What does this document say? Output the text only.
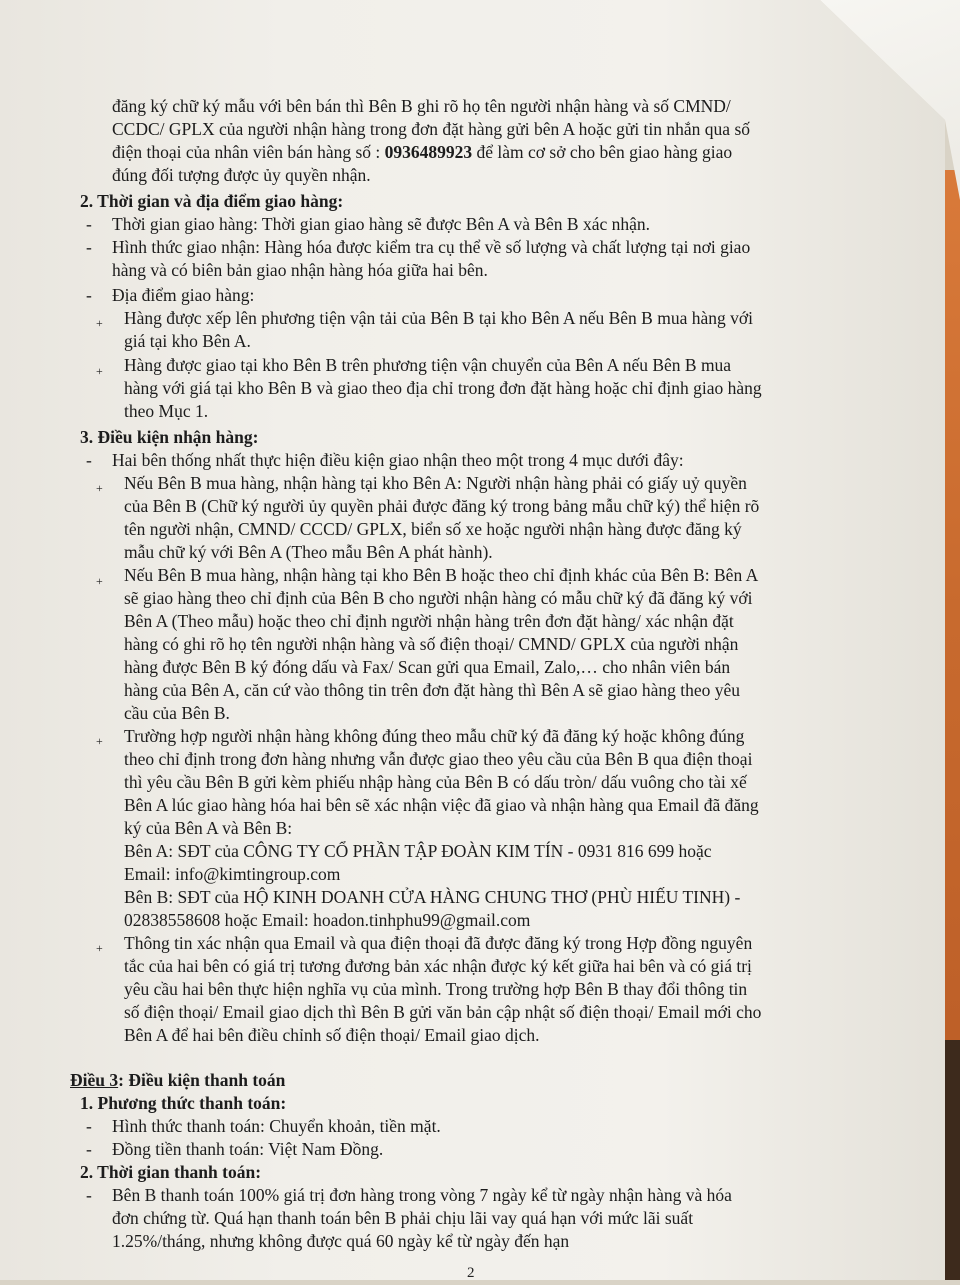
đăng ký chữ ký mẫu với bên bán thì Bên B ghi rõ họ tên người nhận hàng và số CMND/
CCDC/ GPLX của người nhận hàng trong đơn đặt hàng gửi bên A hoặc gửi tin nhắn qua số
điện thoại của nhân viên bán hàng số : 0936489923 để làm cơ sở cho bên giao hàng giao
đúng đối tượng được ủy quyền nhận.
2. Thời gian và địa điểm giao hàng:
- Thời gian giao hàng: Thời gian giao hàng sẽ được Bên A và Bên B xác nhận.
- Hình thức giao nhận: Hàng hóa được kiểm tra cụ thể về số lượng và chất lượng tại nơi giao
hàng và có biên bản giao nhận hàng hóa giữa hai bên.
- Địa điểm giao hàng:
+ Hàng được xếp lên phương tiện vận tải của Bên B tại kho Bên A nếu Bên B mua hàng với
giá tại kho Bên A.
+ Hàng được giao tại kho Bên B trên phương tiện vận chuyển của Bên A nếu Bên B mua
hàng với giá tại kho Bên B và giao theo địa chỉ trong đơn đặt hàng hoặc chỉ định giao hàng
theo Mục 1.
3. Điều kiện nhận hàng:
- Hai bên thống nhất thực hiện điều kiện giao nhận theo một trong 4 mục dưới đây:
+ Nếu Bên B mua hàng, nhận hàng tại kho Bên A: Người nhận hàng phải có giấy uỷ quyền
của Bên B (Chữ ký người ủy quyền phải được đăng ký trong bảng mẫu chữ ký) thể hiện rõ
tên người nhận, CMND/ CCCD/ GPLX, biển số xe hoặc người nhận hàng được đăng ký
mẫu chữ ký với Bên A (Theo mẫu Bên A phát hành).
+ Nếu Bên B mua hàng, nhận hàng tại kho Bên B hoặc theo chỉ định khác của Bên B: Bên A
sẽ giao hàng theo chỉ định của Bên B cho người nhận hàng có mẫu chữ ký đã đăng ký với
Bên A (Theo mẫu) hoặc theo chỉ định người nhận hàng trên đơn đặt hàng/ xác nhận đặt
hàng có ghi rõ họ tên người nhận hàng và số điện thoại/ CMND/ GPLX của người nhận
hàng được Bên B ký đóng dấu và Fax/ Scan gửi qua Email, Zalo,… cho nhân viên bán
hàng của Bên A, căn cứ vào thông tin trên đơn đặt hàng thì Bên A sẽ giao hàng theo yêu
cầu của Bên B.
+ Trường hợp người nhận hàng không đúng theo mẫu chữ ký đã đăng ký hoặc không đúng
theo chỉ định trong đơn hàng nhưng vẫn được giao theo yêu cầu của Bên B qua điện thoại
thì yêu cầu Bên B gửi kèm phiếu nhập hàng của Bên B có dấu tròn/ dấu vuông cho tài xế
Bên A lúc giao hàng hóa hai bên sẽ xác nhận việc đã giao và nhận hàng qua Email đã đăng
ký của Bên A và Bên B:
Bên A: SĐT của CÔNG TY CỔ PHẦN TẬP ĐOÀN KIM TÍN - 0931 816 699 hoặc
Email: info@kimtingroup.com
Bên B: SĐT của HỘ KINH DOANH CỬA HÀNG CHUNG THƠ (PHÙ HIẾU TINH) -
02838558608 hoặc Email: hoadon.tinhphu99@gmail.com
+ Thông tin xác nhận qua Email và qua điện thoại đã được đăng ký trong Hợp đồng nguyên
tắc của hai bên có giá trị tương đương bản xác nhận được ký kết giữa hai bên và có giá trị
yêu cầu hai bên thực hiện nghĩa vụ của mình. Trong trường hợp Bên B thay đổi thông tin
số điện thoại/ Email giao dịch thì Bên B gửi văn bản cập nhật số điện thoại/ Email mới cho
Bên A để hai bên điều chỉnh số điện thoại/ Email giao dịch.
Điều 3: Điều kiện thanh toán
1. Phương thức thanh toán:
- Hình thức thanh toán: Chuyển khoản, tiền mặt.
- Đồng tiền thanh toán: Việt Nam Đồng.
2. Thời gian thanh toán:
- Bên B thanh toán 100% giá trị đơn hàng trong vòng 7 ngày kể từ ngày nhận hàng và hóa
đơn chứng từ. Quá hạn thanh toán bên B phải chịu lãi vay quá hạn với mức lãi suất
1.25%/tháng, nhưng không được quá 60 ngày kể từ ngày đến hạn
2
